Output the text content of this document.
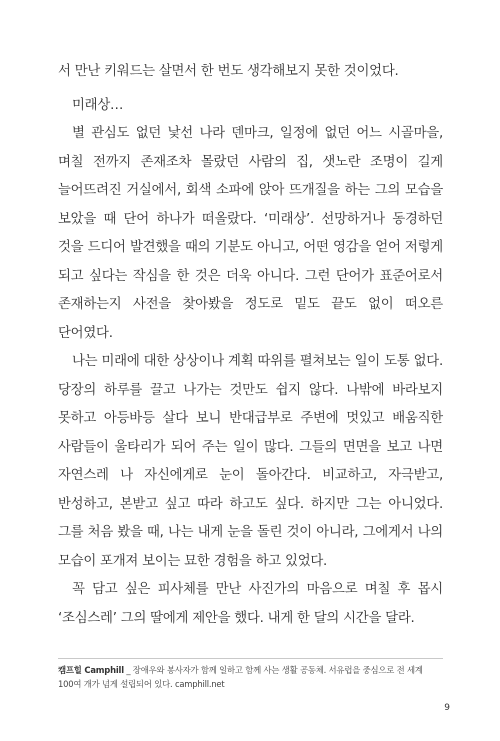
서 만난 키워드는 살면서 한 번도 생각해보지 못한 것이었다.

미래상…

별 관심도 없던 낯선 나라 덴마크, 일정에 없던 어느 시골마을, 며칠 전까지 존재조차 몰랐던 사람의 집, 샛노란 조명이 길게 늘어뜨려진 거실에서, 회색 소파에 앉아 뜨개질을 하는 그의 모습을 보았을 때 단어 하나가 떠올랐다. ‘미래상’. 선망하거나 동경하던 것을 드디어 발견했을 때의 기분도 아니고, 어떤 영감을 얻어 저렇게 되고 싶다는 작심을 한 것은 더욱 아니다. 그런 단어가 표준어로서 존재하는지 사전을 찾아봤을 정도로 밑도 끝도 없이 떠오른 단어였다.

나는 미래에 대한 상상이나 계획 따위를 펼쳐보는 일이 도통 없다. 당장의 하루를 끌고 나가는 것만도 쉽지 않다. 나밖에 바라보지 못하고 아등바등 살다 보니 반대급부로 주변에 멋있고 배움직한 사람들이 울타리가 되어 주는 일이 많다. 그들의 면면을 보고 나면 자연스레 나 자신에게로 눈이 돌아간다. 비교하고, 자극받고, 반성하고, 본받고 싶고 따라 하고도 싶다. 하지만 그는 아니었다. 그를 처음 봤을 때, 나는 내게 눈을 돌린 것이 아니라, 그에게서 나의 모습이 포개져 보이는 묘한 경험을 하고 있었다.

꼭 담고 싶은 피사체를 만난 사진가의 마음으로 며칠 후 몹시 ‘조심스레’ 그의 딸에게 제안을 했다. 내게 한 달의 시간을 달라.

캠프힐 Camphill _ 장애우와 봉사자가 함께 일하고 함께 사는 생활 공동체. 서유럽을 중심으로 전 세계 100여 개가 넘게 설립되어 있다. camphill.net
9
